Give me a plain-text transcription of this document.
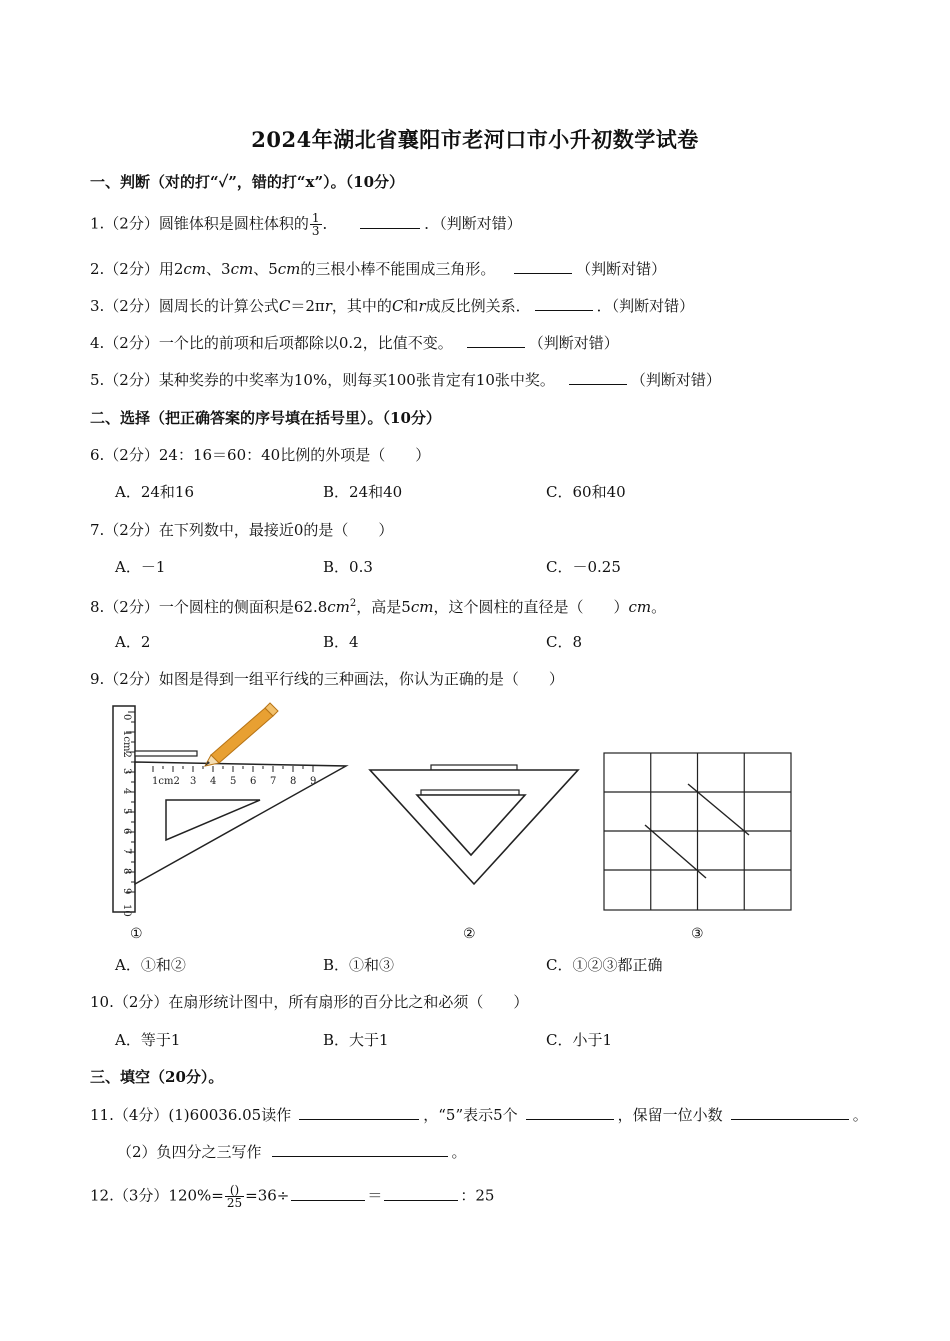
2024年湖北省襄阳市老河口市小升初数学试卷
一、判断（对的打“✓”，错的打“x”）。（10分）
1.（2分）圆锥体积是圆柱体积的 $\frac{1}{3}$ ．	．（判断对错）
2.（2分）用2cm、3cm、5cm的三根小棒不能围成三角形。	（判断对错）
3.（2分）圆周长的计算公式C＝2πr，其中的C和r成反比例关系．	．（判断对错）
4.（2分）一个比的前项和后项都除以0.2，比值不变。	（判断对错）
5.（2分）某种奖券的中奖率为10%，则每买100张肯定有10张中奖。	（判断对错）
二、选择（把正确答案的序号填在括号里）。（10分）
6.（2分）24：16＝60：40比例的外项是（　　）
A．24和16	B．24和40	C．60和40
7.（2分）在下列数中，最接近0的是（　　）
A．－1	B．0.3	C．－0.25
8.（2分）一个圆柱的侧面积是$62.8cm^2$，高是5cm，这个圆柱的直径是（　　）cm。
A．2	B．4	C．8
9.（2分）如图是得到一组平行线的三种画法，你认为正确的是（　　）
0
1cm2
3
4
5
6
7
8
9
10
1cm2 3 4 5 6 7 8 9
①	②	③
A．①和②	B．①和③	C．①②③都正确
10.（2分）在扇形统计图中，所有扇形的百分比之和必须（　　）
A．等于1	B．大于1	C．小于1
三、填空（20分）。
11.（4分）(1)60036.05读作	，“5”表示5个	，保留一位小数	。
（2）负四分之三写作	。
12.（3分）$120\%= \frac{()}{25} =36\div$	＝	：25
